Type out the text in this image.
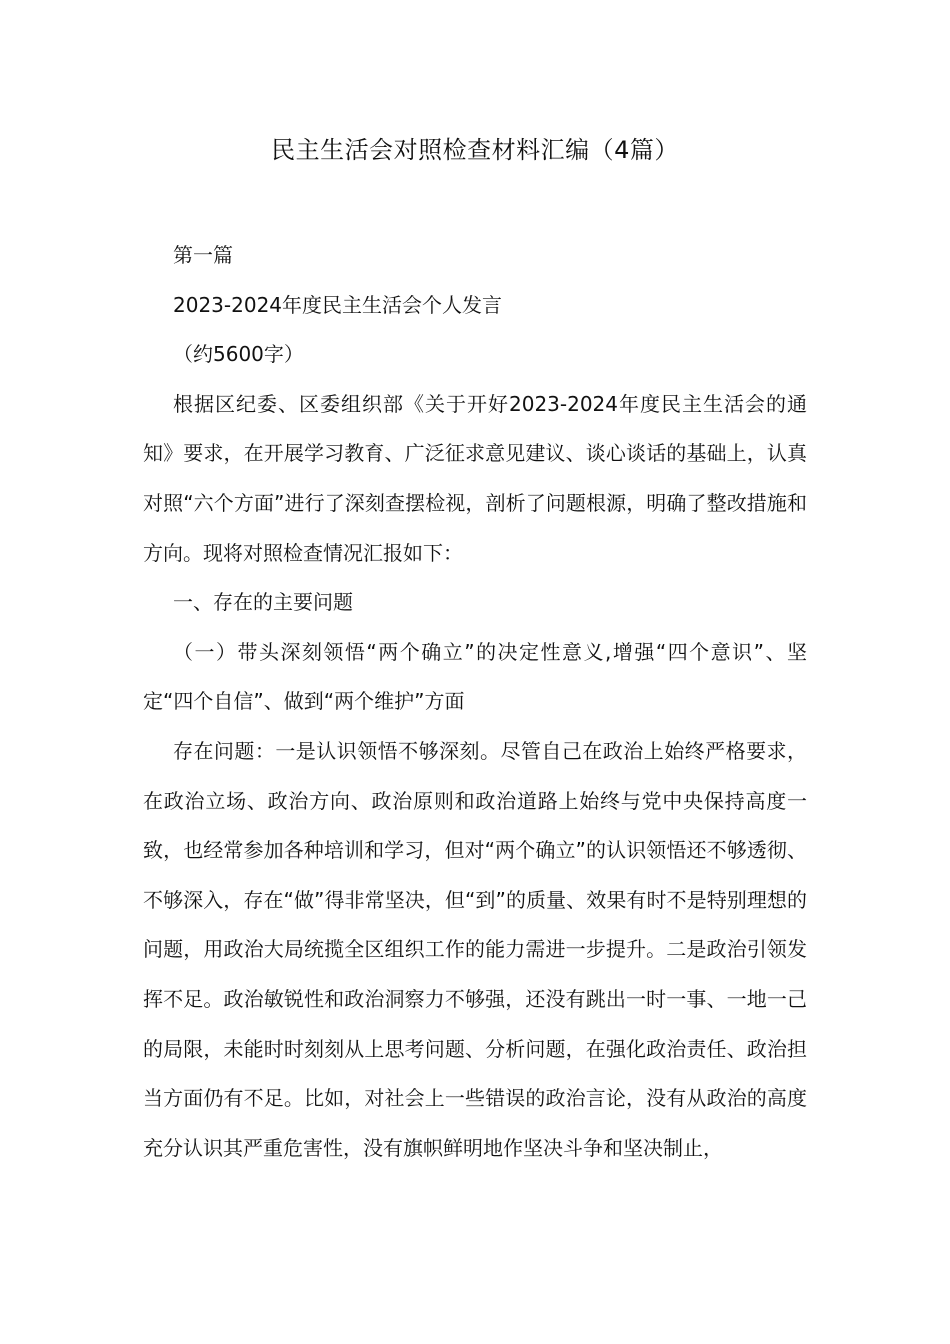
民主生活会对照检查材料汇编（4篇）

第一篇

2023-2024年度民主生活会个人发言

（约5600字）

根据区纪委、区委组织部《关于开好2023-2024年度民主生活会的通知》要求，在开展学习教育、广泛征求意见建议、谈心谈话的基础上，认真对照“六个方面”进行了深刻查摆检视，剖析了问题根源，明确了整改措施和方向。现将对照检查情况汇报如下：

一、存在的主要问题

（一）带头深刻领悟“两个确立”的决定性意义,增强“四个意识”、坚定“四个自信”、做到“两个维护”方面

存在问题：一是认识领悟不够深刻。尽管自己在政治上始终严格要求，在政治立场、政治方向、政治原则和政治道路上始终与党中央保持高度一致，也经常参加各种培训和学习，但对“两个确立”的认识领悟还不够透彻、不够深入，存在“做”得非常坚决，但“到”的质量、效果有时不是特别理想的问题，用政治大局统揽全区组织工作的能力需进一步提升。二是政治引领发挥不足。政治敏锐性和政治洞察力不够强，还没有跳出一时一事、一地一己的局限，未能时时刻刻从上思考问题、分析问题，在强化政治责任、政治担当方面仍有不足。比如，对社会上一些错误的政治言论，没有从政治的高度充分认识其严重危害性，没有旗帜鲜明地作坚决斗争和坚决制止，
